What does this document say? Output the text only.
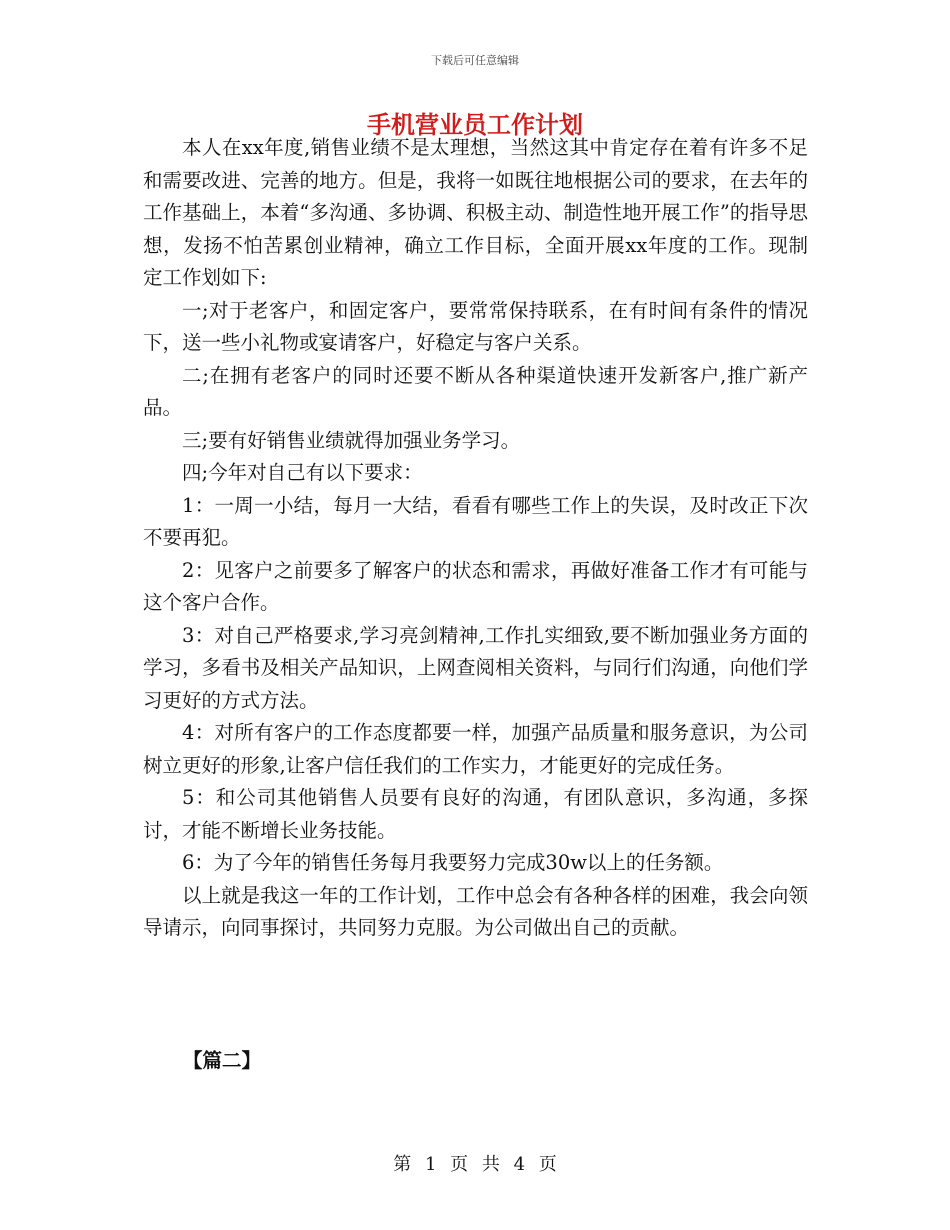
下载后可任意编辑
手机营业员工作计划

本人在xx年度,销售业绩不是太理想，当然这其中肯定存在着有许多不足和需要改进、完善的地方。但是，我将一如既往地根据公司的要求，在去年的工作基础上，本着“多沟通、多协调、积极主动、制造性地开展工作”的指导思想，发扬不怕苦累创业精神，确立工作目标，全面开展xx年度的工作。现制定工作划如下:

一;对于老客户，和固定客户，要常常保持联系，在有时间有条件的情况下，送一些小礼物或宴请客户，好稳定与客户关系。

二;在拥有老客户的同时还要不断从各种渠道快速开发新客户,推广新产品。

三;要有好销售业绩就得加强业务学习。

四;今年对自己有以下要求：

1：一周一小结，每月一大结，看看有哪些工作上的失误，及时改正下次不要再犯。

2：见客户之前要多了解客户的状态和需求，再做好准备工作才有可能与这个客户合作。

3：对自己严格要求,学习亮剑精神,工作扎实细致,要不断加强业务方面的学习，多看书及相关产品知识，上网查阅相关资料，与同行们沟通，向他们学习更好的方式方法。

4：对所有客户的工作态度都要一样，加强产品质量和服务意识，为公司树立更好的形象,让客户信任我们的工作实力，才能更好的完成任务。

5：和公司其他销售人员要有良好的沟通，有团队意识，多沟通，多探讨，才能不断增长业务技能。

6：为了今年的销售任务每月我要努力完成30w以上的任务额。

以上就是我这一年的工作计划，工作中总会有各种各样的困难，我会向领导请示，向同事探讨，共同努力克服。为公司做出自己的贡献。

【篇二】
第 1 页 共 4 页
